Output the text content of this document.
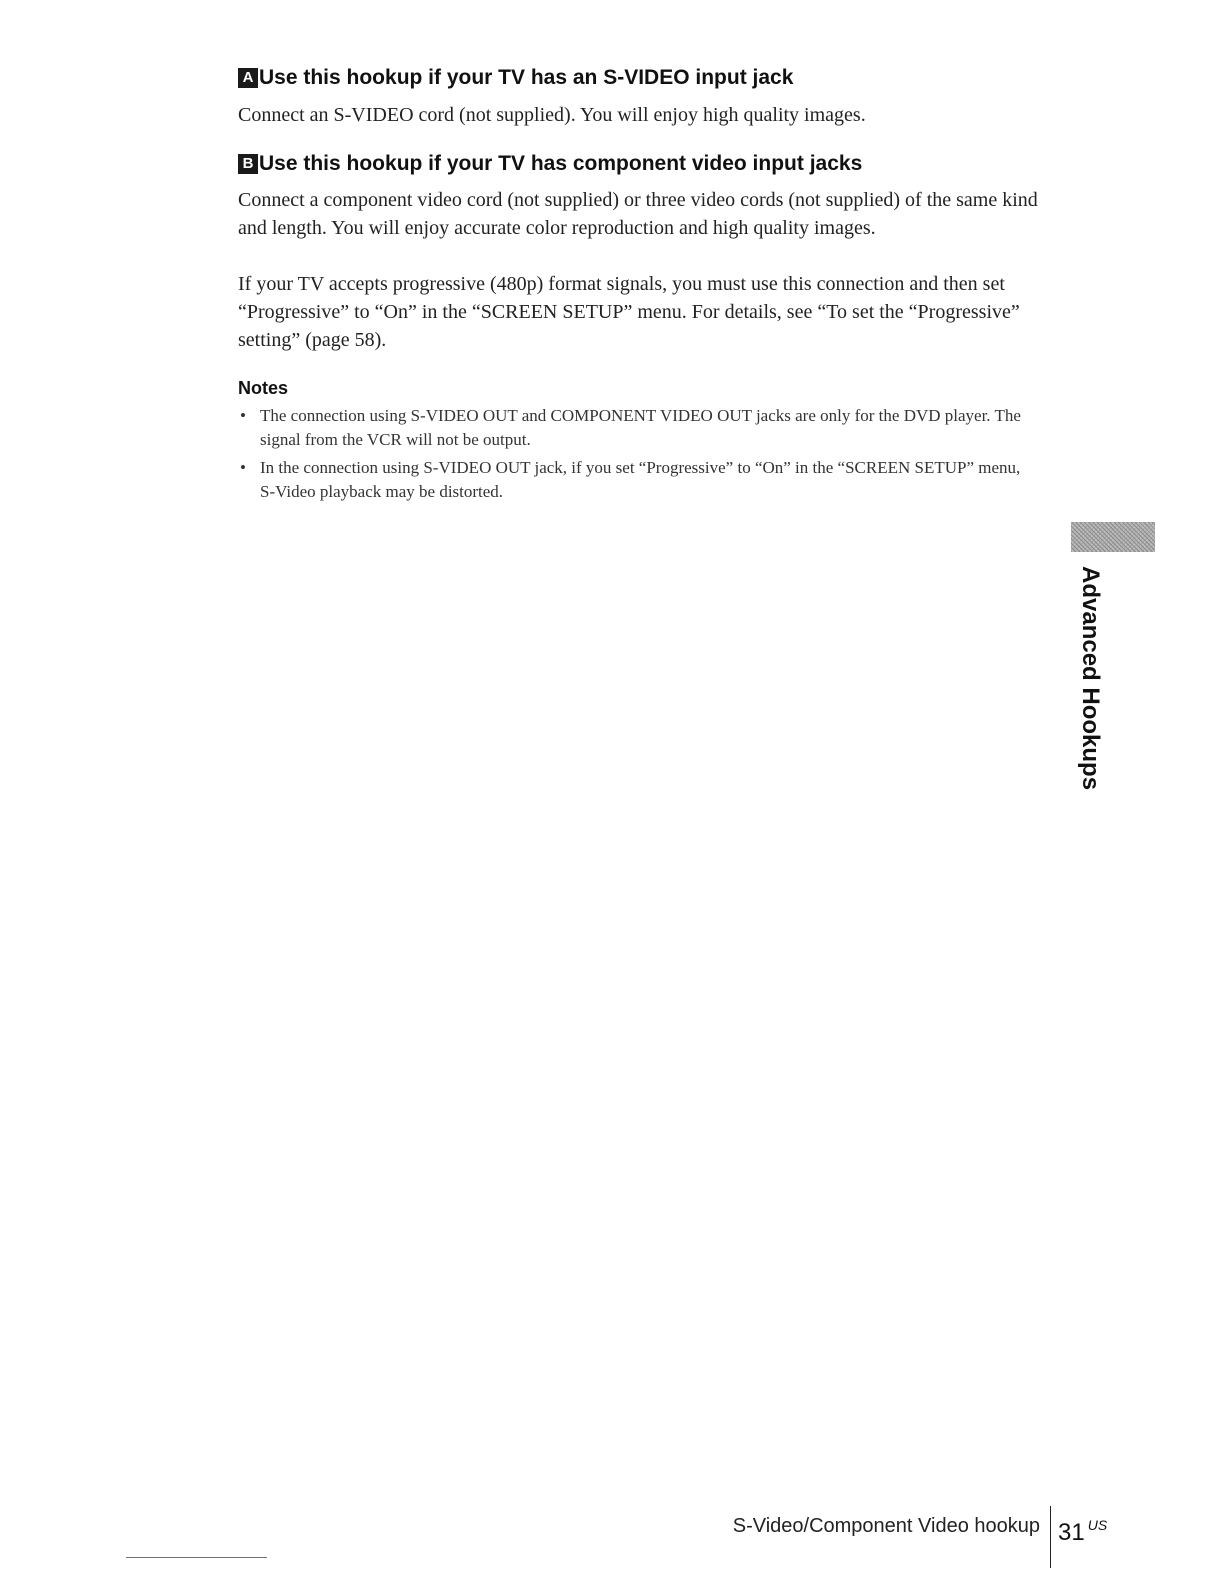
A Use this hookup if your TV has an S-VIDEO input jack

Connect an S-VIDEO cord (not supplied). You will enjoy high quality images.

B Use this hookup if your TV has component video input jacks

Connect a component video cord (not supplied) or three video cords (not supplied) of the same kind and length. You will enjoy accurate color reproduction and high quality images.

If your TV accepts progressive (480p) format signals, you must use this connection and then set “Progressive” to “On” in the “SCREEN SETUP” menu. For details, see “To set the “Progressive” setting” (page 58).

Notes
• The connection using S-VIDEO OUT and COMPONENT VIDEO OUT jacks are only for the DVD player. The signal from the VCR will not be output.
• In the connection using S-VIDEO OUT jack, if you set “Progressive” to “On” in the “SCREEN SETUP” menu, S-Video playback may be distorted.
Advanced Hookups
S-Video/Component Video hookup 31 $^{US}$
